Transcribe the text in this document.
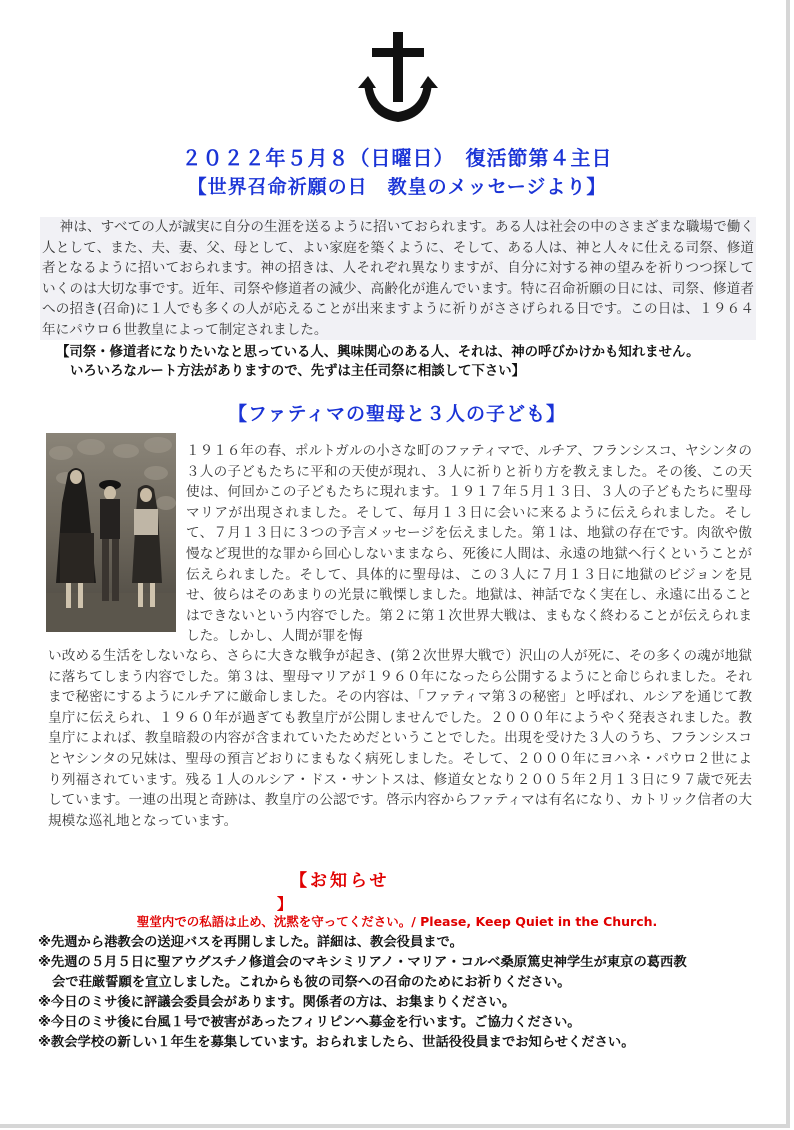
２０２２年５月８（日曜日）　復活節第４主日
【世界召命祈願の日　教皇のメッセージより】
神は、すべての人が誠実に自分の生涯を送るように招いておられます。ある人は社会の中のさまざまな職場で働く人として、また、夫、妻、父、母として、よい家庭を築くように、そして、ある人は、神と人々に仕える司祭、修道者となるように招いておられます。神の招きは、人それぞれ異なりますが、自分に対する神の望みを祈りつつ探していくのは大切な事です。近年、司祭や修道者の減少、高齢化が進んでいます。特に召命祈願の日には、司祭、修道者への招き(召命)に１人でも多くの人が応えることが出来ますように祈りがささげられる日です。この日は、１９６４年にパウロ６世教皇によって制定されました。
【司祭・修道者になりたいなと思っている人、興味関心のある人、それは、神の呼びかけかも知れません。
いろいろなルート方法がありますので、先ずは主任司祭に相談して下さい】
【ファティマの聖母と３人の子ども】
１９１６年の春、ポルトガルの小さな町のファティマで、ルチア、フランシスコ、ヤシンタの３人の子どもたちに平和の天使が現れ、３人に祈りと祈り方を教えました。その後、この天使は、何回かこの子どもたちに現れます。１９１７年５月１３日、３人の子どもたちに聖母マリアが出現されました。そして、毎月１３日に会いに来るように伝えられました。そして、７月１３日に３つの予言メッセージを伝えました。第１は、地獄の存在です。肉欲や傲慢など現世的な罪から回心しないままなら、死後に人間は、永遠の地獄へ行くということが伝えられました。そして、具体的に聖母は、この３人に７月１３日に地獄のビジョンを見せ、彼らはそのあまりの光景に戦慄しました。地獄は、神話でなく実在し、永遠に出ることはできないという内容でした。第２に第１次世界大戦は、まもなく終わることが伝えられました。しかし、人間が罪を悔
い改める生活をしないなら、さらに大きな戦争が起き、(第２次世界大戦で）沢山の人が死に、その多くの魂が地獄に落ちてしまう内容でした。第３は、聖母マリアが１９６０年になったら公開するようにと命じられました。それまで秘密にするようにルチアに厳命しました。その内容は、「ファティマ第３の秘密」と呼ばれ、ルシアを通じて教皇庁に伝えられ、１９６０年が過ぎても教皇庁が公開しませんでした。２０００年にようやく発表されました。教皇庁によれば、教皇暗殺の内容が含まれていたためだということでした。出現を受けた３人のうち、フランシスコとヤシンタの兄妹は、聖母の預言どおりにまもなく病死しました。そして、２０００年にヨハネ・パウロ２世により列福されています。残る１人のルシア・ドス・サントスは、修道女となり２００５年２月１３日に９７歳で死去しています。一連の出現と奇跡は、教皇庁の公認です。啓示内容からファティマは有名になり、カトリック信者の大規模な巡礼地となっています。
【お知らせ
】
聖堂内での私語は止め、沈黙を守ってください。/ Please, Keep Quiet in the Church.
※先週から港教会の送迎バスを再開しました。詳細は、教会役員まで。
※先週の５月５日に聖アウグスチノ修道会のマキシミリアノ・マリア・コルベ桑原篤史神学生が東京の葛西教
会で荘厳誓願を宣立しました。これからも彼の司祭への召命のためにお祈りください。
※今日のミサ後に評議会委員会があります。関係者の方は、お集まりください。
※今日のミサ後に台風１号で被害があったフィリピンへ募金を行います。ご協力ください。
※教会学校の新しい１年生を募集しています。おられましたら、世話役役員までお知らせください。
